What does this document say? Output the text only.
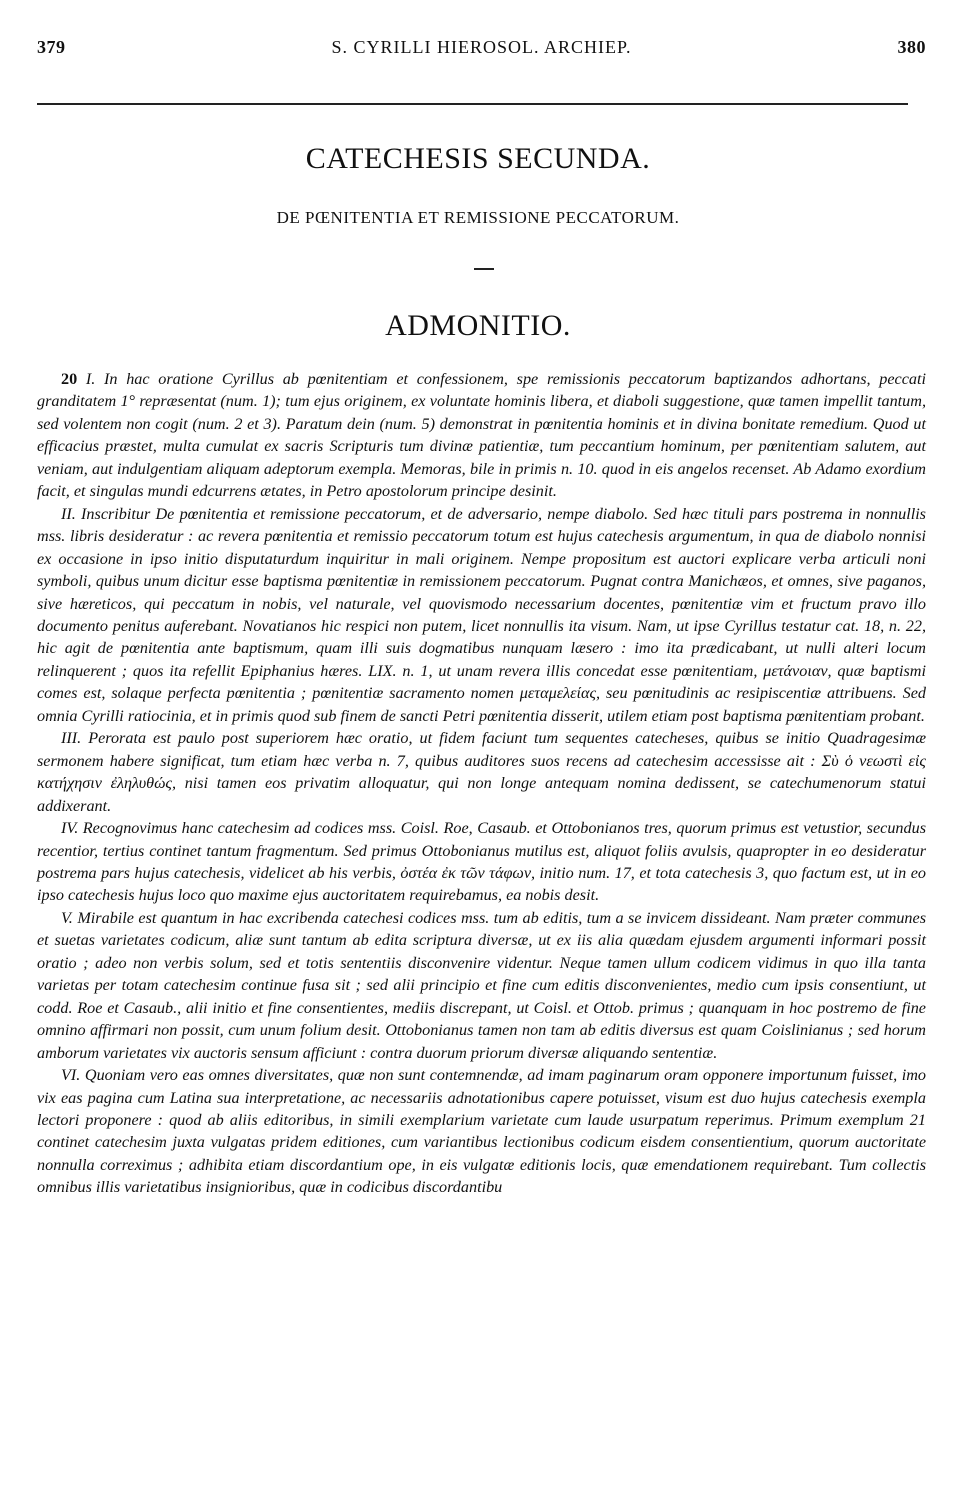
379	S. CYRILLI HIEROSOL. ARCHIEP.	380
CATECHESIS SECUNDA.
DE PŒNITENTIA ET REMISSIONE PECCATORUM.
ADMONITIO.

20 I. In hac oratione Cyrillus ab pœnitentiam et confessionem, spe remissionis peccatorum baptizandos adhortans, peccati granditatem 1° repræsentat (num. 1); tum ejus originem, ex voluntate hominis libera, et diaboli suggestione, quæ tamen impellit tantum, sed volentem non cogit (num. 2 et 3). Paratum dein (num. 5) demonstrat in pœnitentia hominis et in divina bonitate remedium. Quod ut efficacius præstet, multa cumulat ex sacris Scripturis tum divinæ patientiæ, tum peccantium hominum, per pœnitentiam salutem, aut veniam, aut indulgentiam aliquam adeptorum exempla. Memoras, bile in primis n. 10. quod in eis angelos recenset. Ab Adamo exordium facit, et singulas mundi edcurrens ætates, in Petro apostolorum principe desinit.

II. Inscribitur De pœnitentia et remissione peccatorum, et de adversario, nempe diabolo. Sed hæc tituli pars postrema in nonnullis mss. libris desideratur : ac revera pœnitentia et remissio peccatorum totum est hujus catechesis argumentum, in qua de diabolo nonnisi ex occasione in ipso initio disputaturdum inquiritur in mali originem. Nempe propositum est auctori explicare verba articuli noni symboli, quibus unum dicitur esse baptisma pœnitentiæ in remissionem peccatorum. Pugnat contra Manichæos, et omnes, sive paganos, sive hæreticos, qui peccatum in nobis, vel naturale, vel quovismodo necessarium docentes, pœnitentiæ vim et fructum pravo illo documento penitus auferebant. Novatianos hic respici non putem, licet nonnullis ita visum. Nam, ut ipse Cyrillus testatur cat. 18, n. 22, hic agit de pœnitentia ante baptismum, quam illi suis dogmatibus nunquam læsero : imo ita prædicabant, ut nulli alteri locum relinquerent ; quos ita refellit Epiphanius hæres. LIX. n. 1, ut unam revera illis concedat esse pœnitentiam, μετάνοιαν, quæ baptismi comes est, solaque perfecta pœnitentia ; pœnitentiæ sacramento nomen μεταμελείας, seu pœnitudinis ac resipiscentiæ attribuens. Sed omnia Cyrilli ratiocinia, et in primis quod sub finem de sancti Petri pœnitentia disserit, utilem etiam post baptisma pœnitentiam probant.

III. Perorata est paulo post superiorem hæc oratio, ut fidem faciunt tum sequentes catecheses, quibus se initio Quadragesimæ sermonem habere significat, tum etiam hæc verba n. 7, quibus auditores suos recens ad catechesim accessisse ait : Σὺ ὁ νεωστὶ εἰς κατήχησιν ἐληλυθώς, nisi tamen eos privatim alloquatur, qui non longe antequam nomina dedissent, se catechumenorum statui addixerant.

IV. Recognovimus hanc catechesim ad codices mss. Coisl. Roe, Casaub. et Ottobonianos tres, quorum primus est vetustior, secundus recentior, tertius continet tantum fragmentum. Sed primus Ottobonianus mutilus est, aliquot foliis avulsis, quapropter in eo desideratur postrema pars hujus catechesis, videlicet ab his verbis, ὀστέα ἐκ τῶν τάφων, initio num. 17, et tota catechesis 3, quo factum est, ut in eo ipso catechesis hujus loco quo maxime ejus auctoritatem requirebamus, ea nobis desit.

V. Mirabile est quantum in hac excribenda catechesi codices mss. tum ab editis, tum a se invicem dissideant. Nam præter communes et suetas varietates codicum, aliæ sunt tantum ab edita scriptura diversæ, ut ex iis alia quædam ejusdem argumenti informari possit oratio ; adeo non verbis solum, sed et totis sententiis disconvenire videntur. Neque tamen ullum codicem vidimus in quo illa tanta varietas per totam catechesim continue fusa sit ; sed alii principio et fine cum editis disconvenientes, medio cum ipsis consentiunt, ut codd. Roe et Casaub., alii initio et fine consentientes, mediis discrepant, ut Coisl. et Ottob. primus ; quanquam in hoc postremo de fine omnino affirmari non possit, cum unum folium desit. Ottobonianus tamen non tam ab editis diversus est quam Coislinianus ; sed horum amborum varietates vix auctoris sensum afficiunt : contra duorum priorum diversæ aliquando sententiæ.

VI. Quoniam vero eas omnes diversitates, quæ non sunt contemnendæ, ad imam paginarum oram opponere importunum fuisset, imo vix eas pagina cum Latina sua interpretatione, ac necessariis adnotationibus capere potuisset, visum est duo hujus catechesis exempla lectori proponere : quod ab aliis editoribus, in simili exemplarium varietate cum laude usurpatum reperimus. Primum exemplum 21 continet catechesim juxta vulgatas pridem editiones, cum variantibus lectionibus codicum eisdem consentientium, quorum auctoritate nonnulla correximus ; adhibita etiam discordantium ope, in eis vulgatæ editionis locis, quæ emendationem requirebant. Tum collectis omnibus illis varietatibus insignioribus, quæ in codicibus discordantibu
